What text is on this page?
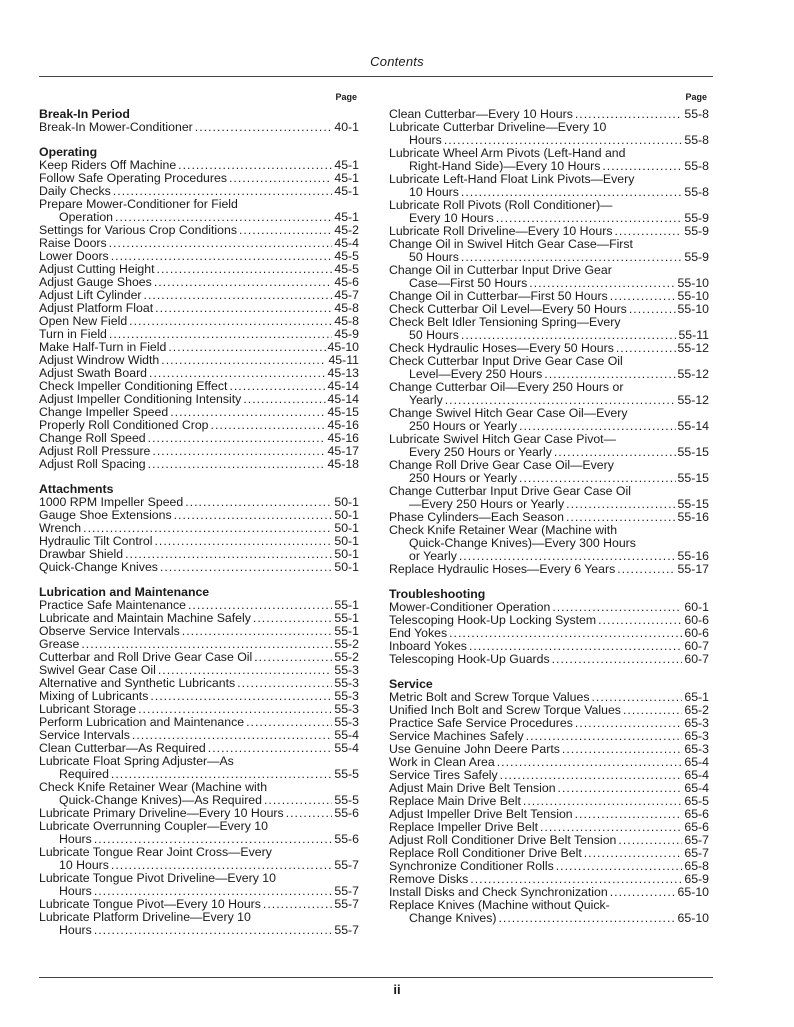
Contents
Page
Break-In Period
Break-In Mower-Conditioner . . .	40-1
Operating
Keep Riders Off Machine . . .	45-1
Follow Safe Operating Procedures . . .	45-1
Daily Checks . . .	45-1
Prepare Mower-Conditioner for Field
Operation . . .	45-1
Settings for Various Crop Conditions . . .	45-2
Raise Doors . . .	45-4
Lower Doors . . .	45-5
Adjust Cutting Height . . .	45-5
Adjust Gauge Shoes . . .	45-6
Adjust Lift Cylinder . . .	45-7
Adjust Platform Float . . .	45-8
Open New Field . . .	45-8
Turn in Field . . .	45-9
Make Half-Turn in Field . . .	45-10
Adjust Windrow Width . . .	45-11
Adjust Swath Board . . .	45-13
Check Impeller Conditioning Effect . . .	45-14
Adjust Impeller Conditioning Intensity . . .	45-14
Change Impeller Speed . . .	45-15
Properly Roll Conditioned Crop . . .	45-16
Change Roll Speed . . .	45-16
Adjust Roll Pressure . . .	45-17
Adjust Roll Spacing . . .	45-18
Attachments
1000 RPM Impeller Speed . . .	50-1
Gauge Shoe Extensions . . .	50-1
Wrench . . .	50-1
Hydraulic Tilt Control . . .	50-1
Drawbar Shield . . .	50-1
Quick-Change Knives . . .	50-1
Lubrication and Maintenance
Practice Safe Maintenance . . .	55-1
Lubricate and Maintain Machine Safely . . .	55-1
Observe Service Intervals . . .	55-1
Grease . . .	55-2
Cutterbar and Roll Drive Gear Case Oil . . .	55-2
Swivel Gear Case Oil . . .	55-3
Alternative and Synthetic Lubricants . . .	55-3
Mixing of Lubricants . . .	55-3
Lubricant Storage . . .	55-3
Perform Lubrication and Maintenance . . .	55-3
Service Intervals . . .	55-4
Clean Cutterbar—As Required . . .	55-4
Lubricate Float Spring Adjuster—As
Required . . .	55-5
Check Knife Retainer Wear (Machine with
Quick-Change Knives)—As Required . . .	55-5
Lubricate Primary Driveline—Every 10 Hours . . .	55-6
Lubricate Overrunning Coupler—Every 10
Hours . . .	55-6
Lubricate Tongue Rear Joint Cross—Every
10 Hours . . .	55-7
Lubricate Tongue Pivot Driveline—Every 10
Hours . . .	55-7
Lubricate Tongue Pivot—Every 10 Hours . . .	55-7
Lubricate Platform Driveline—Every 10
Hours . . .	55-7
Page
Clean Cutterbar—Every 10 Hours . . .	55-8
Lubricate Cutterbar Driveline—Every 10
Hours . . .	55-8
Lubricate Wheel Arm Pivots (Left-Hand and
Right-Hand Side)—Every 10 Hours . . .	55-8
Lubricate Left-Hand Float Link Pivots—Every
10 Hours . . .	55-8
Lubricate Roll Pivots (Roll Conditioner)—
Every 10 Hours . . .	55-9
Lubricate Roll Driveline—Every 10 Hours . . .	55-9
Change Oil in Swivel Hitch Gear Case—First
50 Hours . . .	55-9
Change Oil in Cutterbar Input Drive Gear
Case—First 50 Hours . . .	55-10
Change Oil in Cutterbar—First 50 Hours . . .	55-10
Check Cutterbar Oil Level—Every 50 Hours . . .	55-10
Check Belt Idler Tensioning Spring—Every
50 Hours . . .	55-11
Check Hydraulic Hoses—Every 50 Hours . . .	55-12
Check Cutterbar Input Drive Gear Case Oil
Level—Every 250 Hours . . .	55-12
Change Cutterbar Oil—Every 250 Hours or
Yearly . . .	55-12
Change Swivel Hitch Gear Case Oil—Every
250 Hours or Yearly . . .	55-14
Lubricate Swivel Hitch Gear Case Pivot—
Every 250 Hours or Yearly . . .	55-15
Change Roll Drive Gear Case Oil—Every
250 Hours or Yearly . . .	55-15
Change Cutterbar Input Drive Gear Case Oil
—Every 250 Hours or Yearly . . .	55-15
Phase Cylinders—Each Season . . .	55-16
Check Knife Retainer Wear (Machine with
Quick-Change Knives)—Every 300 Hours
or Yearly . . .	55-16
Replace Hydraulic Hoses—Every 6 Years . . .	55-17
Troubleshooting
Mower-Conditioner Operation . . .	60-1
Telescoping Hook-Up Locking System . . .	60-6
End Yokes . . .	60-6
Inboard Yokes . . .	60-7
Telescoping Hook-Up Guards . . .	60-7
Service
Metric Bolt and Screw Torque Values . . .	65-1
Unified Inch Bolt and Screw Torque Values . . .	65-2
Practice Safe Service Procedures . . .	65-3
Service Machines Safely . . .	65-3
Use Genuine John Deere Parts . . .	65-3
Work in Clean Area . . .	65-4
Service Tires Safely . . .	65-4
Adjust Main Drive Belt Tension . . .	65-4
Replace Main Drive Belt . . .	65-5
Adjust Impeller Drive Belt Tension . . .	65-6
Replace Impeller Drive Belt . . .	65-6
Adjust Roll Conditioner Drive Belt Tension . . .	65-7
Replace Roll Conditioner Drive Belt . . .	65-7
Synchronize Conditioner Rolls . . .	65-8
Remove Disks . . .	65-9
Install Disks and Check Synchronization . . .	65-10
Replace Knives (Machine without Quick-
Change Knives) . . .	65-10
ii
